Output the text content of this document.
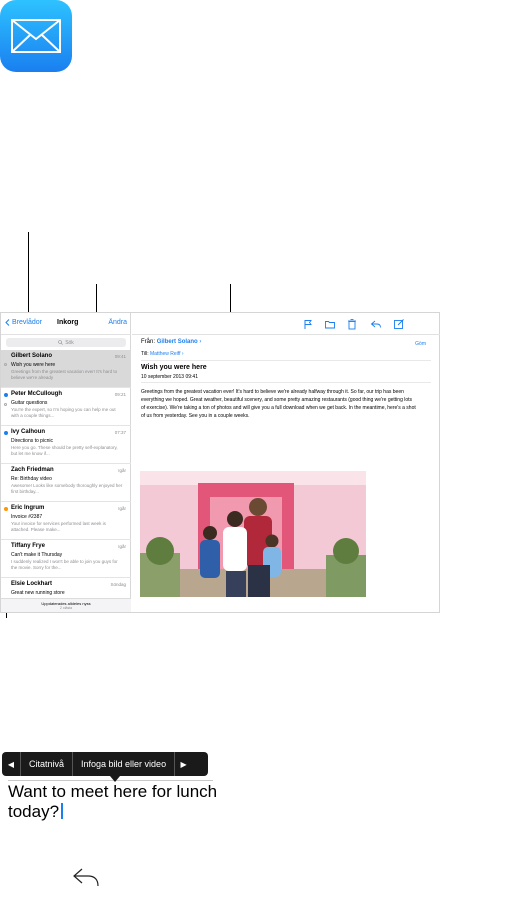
Brevlådor Inkorg	Ändra
Sök
Gilbert Solano	09:41
Wish you were here
Greetings from the greatest vacation ever! It's hard to believe we're already
Peter McCullough	09:21
Guitar questions
You're the expert, so I'm hoping you can help me out with a couple things...
Ivy Calhoun	07:37
Directions to picnic
Here you go. These should be pretty self-explanatory, but let me know if...
Zach Friedman	Igår
Re: Birthday video
Awesome! Looks like somebody thoroughly enjoyed her first birthday...
Eric Ingrum	Igår
Invoice #2387
Your invoice for services performed last week is attached. Please make...
Tiffany Frye	Igår
Can't make it Thursday
I suddenly realized I won't be able to join you guys for the movie. Sorry for the...
Elsie Lockhart	Söndag
Great new running store
Uppdaterades alldeles nyss
2 olästa
Från: Gilbert Solano ›	Göm
Till: Matthew Reiff ›
Wish you were here
10 september 2013 09:41
Greetings from the greatest vacation ever! It's hard to believe we're already halfway through it. So far, our trip has been everything we hoped. Great weather, beautiful scenery, and some pretty amazing restaurants (good thing we're getting lots of exercise). We're taking a ton of photos and will give you a full download when we get back. In the meantime, here's a shot of us from yesterday. See you in a couple weeks.
Want to meet here for lunch today?
◀	Citatnivå	Infoga bild eller video	▶
